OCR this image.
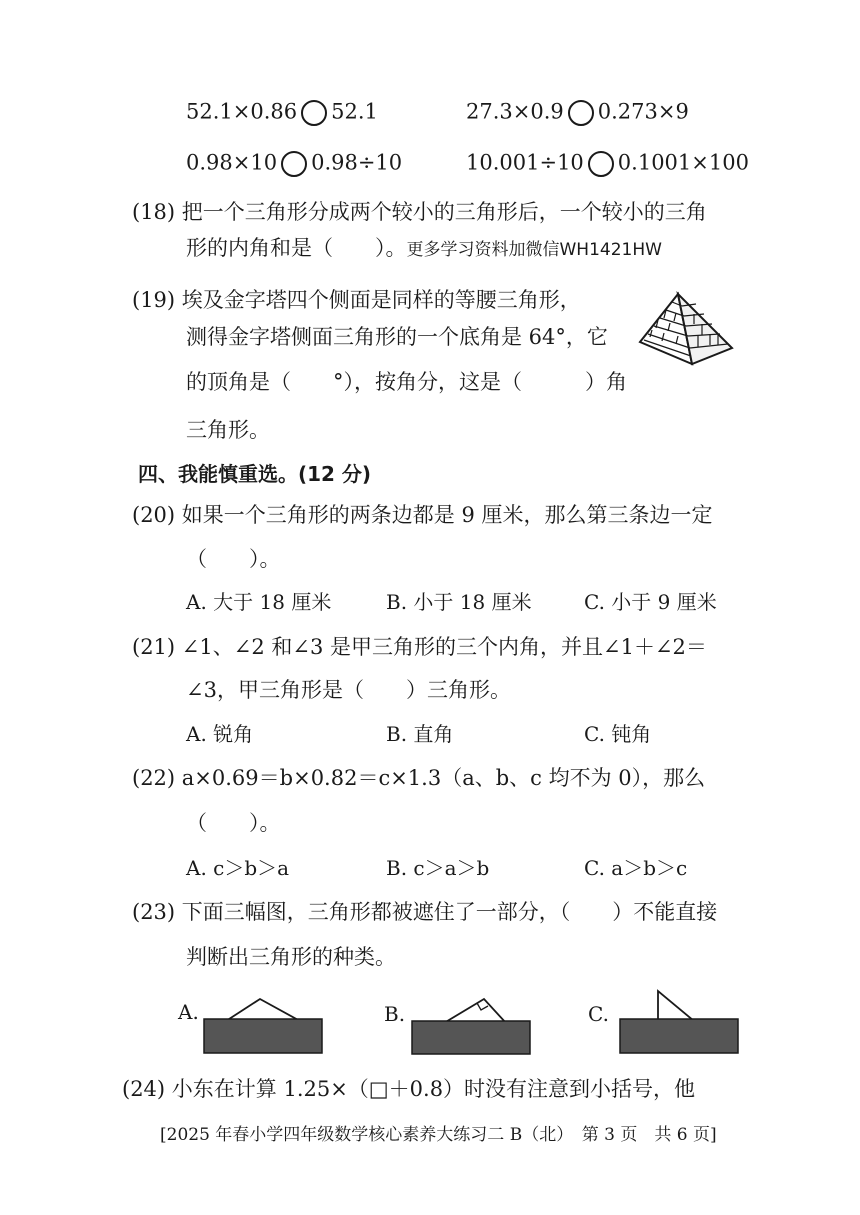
52.1×0.86 52.1	27.3×0.9 0.273×9
0.98×10 0.98÷10	10.001÷10 0.1001×100
(18) 把一个三角形分成两个较小的三角形后，一个较小的三角
形的内角和是（　　）。更多学习资料加微信WH1421HW
(19) 埃及金字塔四个侧面是同样的等腰三角形，
测得金字塔侧面三角形的一个底角是 64°，它
的顶角是（　　°），按角分，这是（　　　）角
三角形。
四、我能慎重选。(12 分)
(20) 如果一个三角形的两条边都是 9 厘米，那么第三条边一定
（　　）。
A. 大于 18 厘米	B. 小于 18 厘米	C. 小于 9 厘米
(21) ∠1、∠2 和∠3 是甲三角形的三个内角，并且∠1＋∠2＝
∠3，甲三角形是（　　）三角形。
A. 锐角	B. 直角	C. 钝角
(22) a×0.69＝b×0.82＝c×1.3（a、b、c 均不为 0），那么
（　　）。
A. c＞b＞a	B. c＞a＞b	C. a＞b＞c
(23) 下面三幅图，三角形都被遮住了一部分，（　　）不能直接
判断出三角形的种类。
A.	B.	C.
(24) 小东在计算 1.25×（□＋0.8）时没有注意到小括号，他
[2025 年春小学四年级数学核心素养大练习二 B（北）　第 3 页　共 6 页]
